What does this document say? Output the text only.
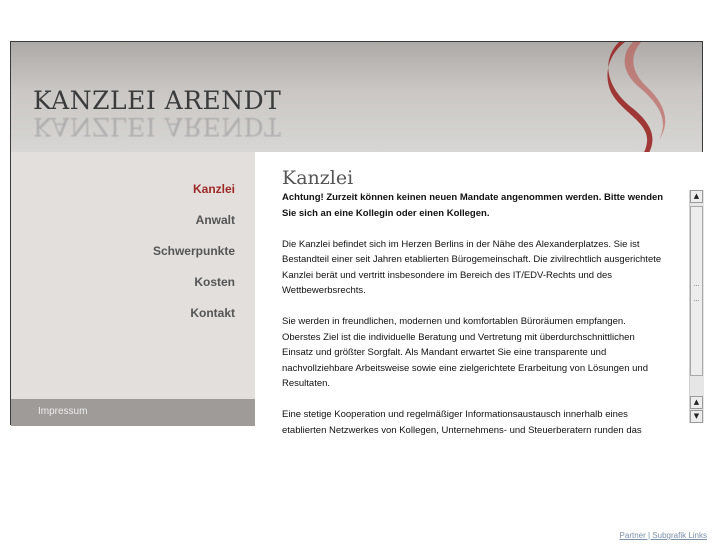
KANZLEI ARENDT
KANZLEI ARENDT
Kanzlei
Anwalt
Schwerpunkte
Kosten
Kontakt
Impressum
Kanzlei

Achtung! Zurzeit können keinen neuen Mandate angenommen werden. Bitte wenden Sie sich an eine Kollegin oder einen Kollegen.

Die Kanzlei befindet sich im Herzen Berlins in der Nähe des Alexanderplatzes. Sie ist Bestandteil einer seit Jahren etablierten Bürogemeinschaft. Die zivilrechtlich ausgerichtete Kanzlei berät und vertritt insbesondere im Bereich des IT/EDV-Rechts und des Wettbewerbsrechts.

Sie werden in freundlichen, modernen und komfortablen Büroräumen empfangen. Oberstes Ziel ist die individuelle Beratung und Vertretung mit überdurchschnittlichen Einsatz und größter Sorgfalt. Als Mandant erwartet Sie eine transparente und nachvollziehbare Arbeitsweise sowie eine zielgerichtete Erarbeitung von Lösungen und Resultaten.

Eine stetige Kooperation und regelmäßiger Informationsaustausch innerhalb eines etablierten Netzwerkes von Kollegen, Unternehmens- und Steuerberatern runden das

▲
▲
▼
Partner | Subgrafik Links
